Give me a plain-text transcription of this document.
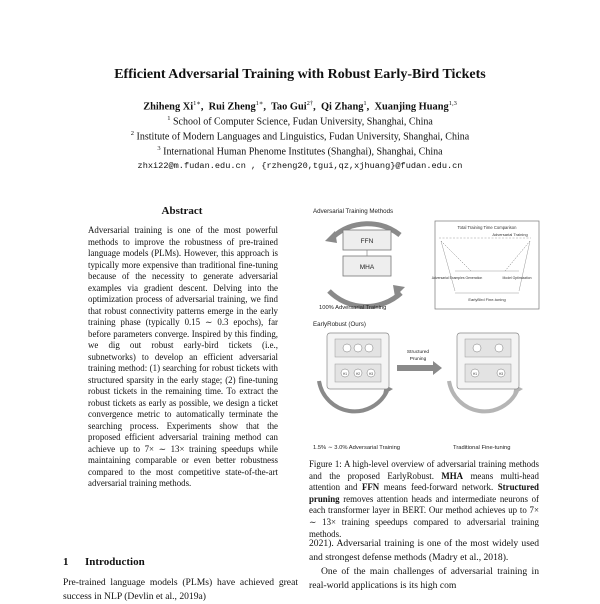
Efficient Adversarial Training with Robust Early-Bird Tickets
Zhiheng $Xi^{1∗}$,  Rui Zheng$^{1∗}$,  Tao Gui$^{2\dagger}$,  Qi Zhang$^1$,  Xuanjing Huang$^{1,3}$
$^1$ School of Computer Science, Fudan University, Shanghai, China
$^2$ Institute of Modern Languages and Linguistics, Fudan University, Shanghai, China
$^3$ International Human Phenome Institutes (Shanghai), Shanghai, China
zhxi22@m.fudan.edu.cn , {rzheng20,tgui,qz,xjhuang}@fudan.edu.cn
Abstract
Adversarial training is one of the most powerful methods to improve the robustness of pre-trained language models (PLMs). However, this approach is typically more expensive than traditional fine-tuning because of the necessity to generate adversarial examples via gradient descent. Delving into the optimization process of adversarial training, we find that robust connectivity patterns emerge in the early training phase (typically 0.15 ∼ 0.3 epochs), far before parameters converge. Inspired by this finding, we dig out robust early-bird tickets (i.e., subnetworks) to develop an efficient adversarial training method: (1) searching for robust tickets with structured sparsity in the early stage; (2) fine-tuning robust tickets in the remaining time. To extract the robust tickets as early as possible, we design a ticket convergence metric to automatically terminate the searching process. Experiments show that the proposed efficient adversarial training method can achieve up to 7× ∼ 13× training speedups while maintaining comparable or even better robustness compared to the most competitive state-of-the-art adversarial training methods.
1 Introduction
Pre-trained language models (PLMs) have achieved great success in NLP (Devlin et al., 2019a)
Adversarial Training Methods
FFN
MHA
100% Adversarial Training
Total Training Time Comparison
Adversarial Training
Adversarial Examples Generation	Model Optimization
EarlyBird Fine-tuning
EarlyRobust (Ours)
H1	H2	H3
Structured
Pruning
H1	H3
1.5% ∼ 3.0% Adversarial Training	Traditional Fine-tuning
Figure 1: A high-level overview of adversarial training methods and the proposed EarlyRobust. MHA means multi-head attention and FFN means feed-forward network. Structured pruning removes attention heads and intermediate neurons of each transformer layer in BERT. Our method achieves up to 7× ∼ 13× training speedups compared to adversarial training methods.

2021). Adversarial training is one of the most widely used and strongest defense methods (Madry et al., 2018).

One of the main challenges of adversarial training in real-world applications is its high com
